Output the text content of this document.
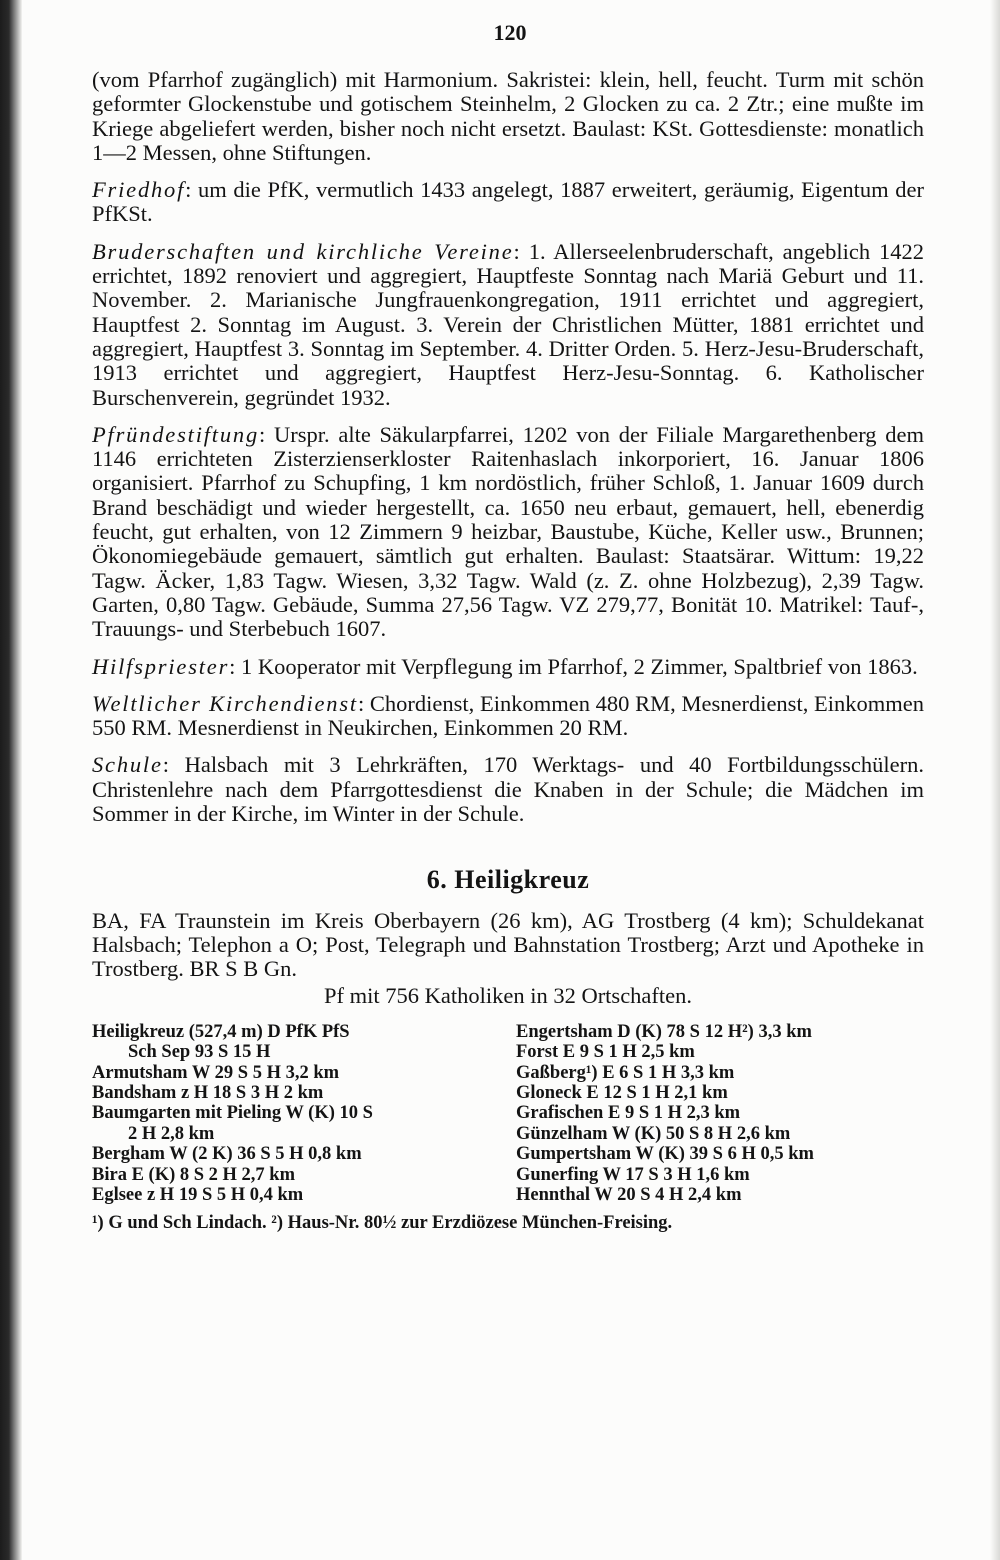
120

(vom Pfarrhof zugänglich) mit Harmonium. Sakristei: klein, hell, feucht. Turm mit schön geformter Glockenstube und gotischem Steinhelm, 2 Glocken zu ca. 2 Ztr.; eine mußte im Kriege abgeliefert werden, bisher noch nicht ersetzt. Baulast: KSt. Gottesdienste: monatlich 1—2 Messen, ohne Stiftungen.

Friedhof: um die PfK, vermutlich 1433 angelegt, 1887 erweitert, geräumig, Eigentum der PfKSt.

Bruderschaften und kirchliche Vereine: 1. Allerseelenbruderschaft, angeblich 1422 errichtet, 1892 renoviert und aggregiert, Hauptfeste Sonntag nach Mariä Geburt und 11. November. 2. Marianische Jungfrauenkongregation, 1911 errichtet und aggregiert, Hauptfest 2. Sonntag im August. 3. Verein der Christlichen Mütter, 1881 errichtet und aggregiert, Hauptfest 3. Sonntag im September. 4. Dritter Orden. 5. Herz-Jesu-Bruderschaft, 1913 errichtet und aggregiert, Hauptfest Herz-Jesu-Sonntag. 6. Katholischer Burschenverein, gegründet 1932.

Pfründestiftung: Urspr. alte Säkularpfarrei, 1202 von der Filiale Margarethenberg dem 1146 errichteten Zisterzienserkloster Raitenhaslach inkorporiert, 16. Januar 1806 organisiert. Pfarrhof zu Schupfing, 1 km nordöstlich, früher Schloß, 1. Januar 1609 durch Brand beschädigt und wieder hergestellt, ca. 1650 neu erbaut, gemauert, hell, ebenerdig feucht, gut erhalten, von 12 Zimmern 9 heizbar, Baustube, Küche, Keller usw., Brunnen; Ökonomiegebäude gemauert, sämtlich gut erhalten. Baulast: Staatsärar. Wittum: 19,22 Tagw. Äcker, 1,83 Tagw. Wiesen, 3,32 Tagw. Wald (z. Z. ohne Holzbezug), 2,39 Tagw. Garten, 0,80 Tagw. Gebäude, Summa 27,56 Tagw. VZ 279,77, Bonität 10. Matrikel: Tauf-, Trauungs- und Sterbebuch 1607.

Hilfspriester: 1 Kooperator mit Verpflegung im Pfarrhof, 2 Zimmer, Spaltbrief von 1863.

Weltlicher Kirchendienst: Chordienst, Einkommen 480 RM, Mesnerdienst, Einkommen 550 RM. Mesnerdienst in Neukirchen, Einkommen 20 RM.

Schule: Halsbach mit 3 Lehrkräften, 170 Werktags- und 40 Fortbildungsschülern. Christenlehre nach dem Pfarrgottesdienst die Knaben in der Schule; die Mädchen im Sommer in der Kirche, im Winter in der Schule.

6. Heiligkreuz

BA, FA Traunstein im Kreis Oberbayern (26 km), AG Trostberg (4 km); Schuldekanat Halsbach; Telephon a O; Post, Telegraph und Bahnstation Trostberg; Arzt und Apotheke in Trostberg. BR S B Gn.

Pf mit 756 Katholiken in 32 Ortschaften.

Heiligkreuz (527,4 m) D PfK PfS
Sch Sep 93 S 15 H
Armutsham W 29 S 5 H 3,2 km
Bandsham z H 18 S 3 H 2 km
Baumgarten mit Pieling W (K) 10 S
2 H 2,8 km
Bergham W (2 K) 36 S 5 H 0,8 km
Bira E (K) 8 S 2 H 2,7 km
Eglsee z H 19 S 5 H 0,4 km
Engertsham D (K) 78 S 12 H²) 3,3 km
Forst E 9 S 1 H 2,5 km
Gaßberg¹) E 6 S 1 H 3,3 km
Gloneck E 12 S 1 H 2,1 km
Grafischen E 9 S 1 H 2,3 km
Günzelham W (K) 50 S 8 H 2,6 km
Gumpertsham W (K) 39 S 6 H 0,5 km
Gunerfing W 17 S 3 H 1,6 km
Hennthal W 20 S 4 H 2,4 km
¹) G und Sch Lindach. ²) Haus-Nr. 80½ zur Erzdiözese München-Freising.
